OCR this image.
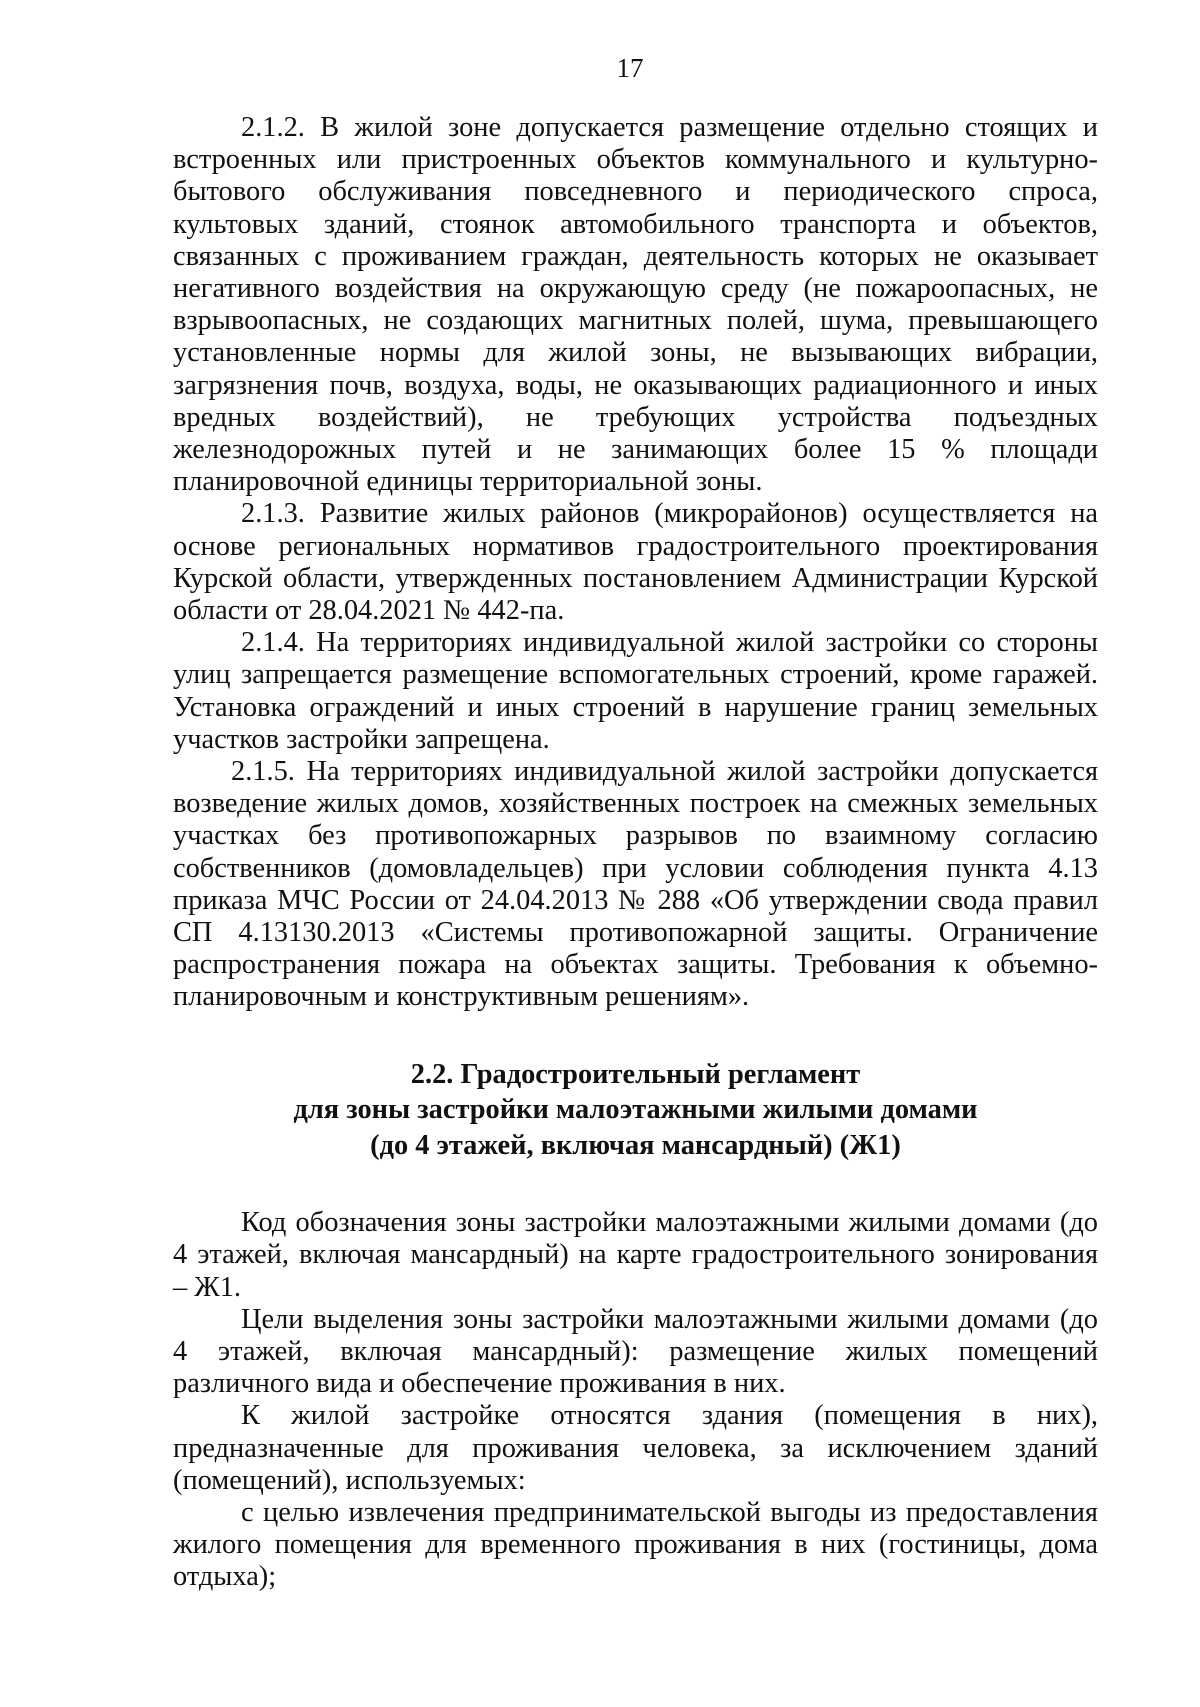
17

2.1.2. В жилой зоне допускается размещение отдельно стоящих и встроенных или пристроенных объектов коммунального и культурно-бытового обслуживания повседневного и периодического спроса, культовых зданий, стоянок автомобильного транспорта и объектов, связанных с проживанием граждан, деятельность которых не оказывает негативного воздействия на окружающую среду (не пожароопасных, не взрывоопасных, не создающих магнитных полей, шума, превышающего установленные нормы для жилой зоны, не вызывающих вибрации, загрязнения почв, воздуха, воды, не оказывающих радиационного и иных вредных воздействий), не требующих устройства подъездных железнодорожных путей и не занимающих более 15 % площади планировочной единицы территориальной зоны.

2.1.3. Развитие жилых районов (микрорайонов) осуществляется на основе региональных нормативов градостроительного проектирования Курской области, утвержденных постановлением Администрации Курской области от 28.04.2021 № 442-па.

2.1.4. На территориях индивидуальной жилой застройки со стороны улиц запрещается размещение вспомогательных строений, кроме гаражей. Установка ограждений и иных строений в нарушение границ земельных участков застройки запрещена.

2.1.5. На территориях индивидуальной жилой застройки допускается возведение жилых домов, хозяйственных построек на смежных земельных участках без противопожарных разрывов по взаимному согласию собственников (домовладельцев) при условии соблюдения пункта 4.13 приказа МЧС России от 24.04.2013 № 288 «Об утверждении свода правил СП 4.13130.2013 «Системы противопожарной защиты. Ограничение распространения пожара на объектах защиты. Требования к объемно-планировочным и конструктивным решениям».

2.2. Градостроительный регламент
для зоны застройки малоэтажными жилыми домами
(до 4 этажей, включая мансардный) (Ж1)

Код обозначения зоны застройки малоэтажными жилыми домами (до 4 этажей, включая мансардный) на карте градостроительного зонирования – Ж1.

Цели выделения зоны застройки малоэтажными жилыми домами (до 4 этажей, включая мансардный): размещение жилых помещений различного вида и обеспечение проживания в них.

К жилой застройке относятся здания (помещения в них), предназначенные для проживания человека, за исключением зданий (помещений), используемых:

с целью извлечения предпринимательской выгоды из предоставления жилого помещения для временного проживания в них (гостиницы, дома отдыха);
